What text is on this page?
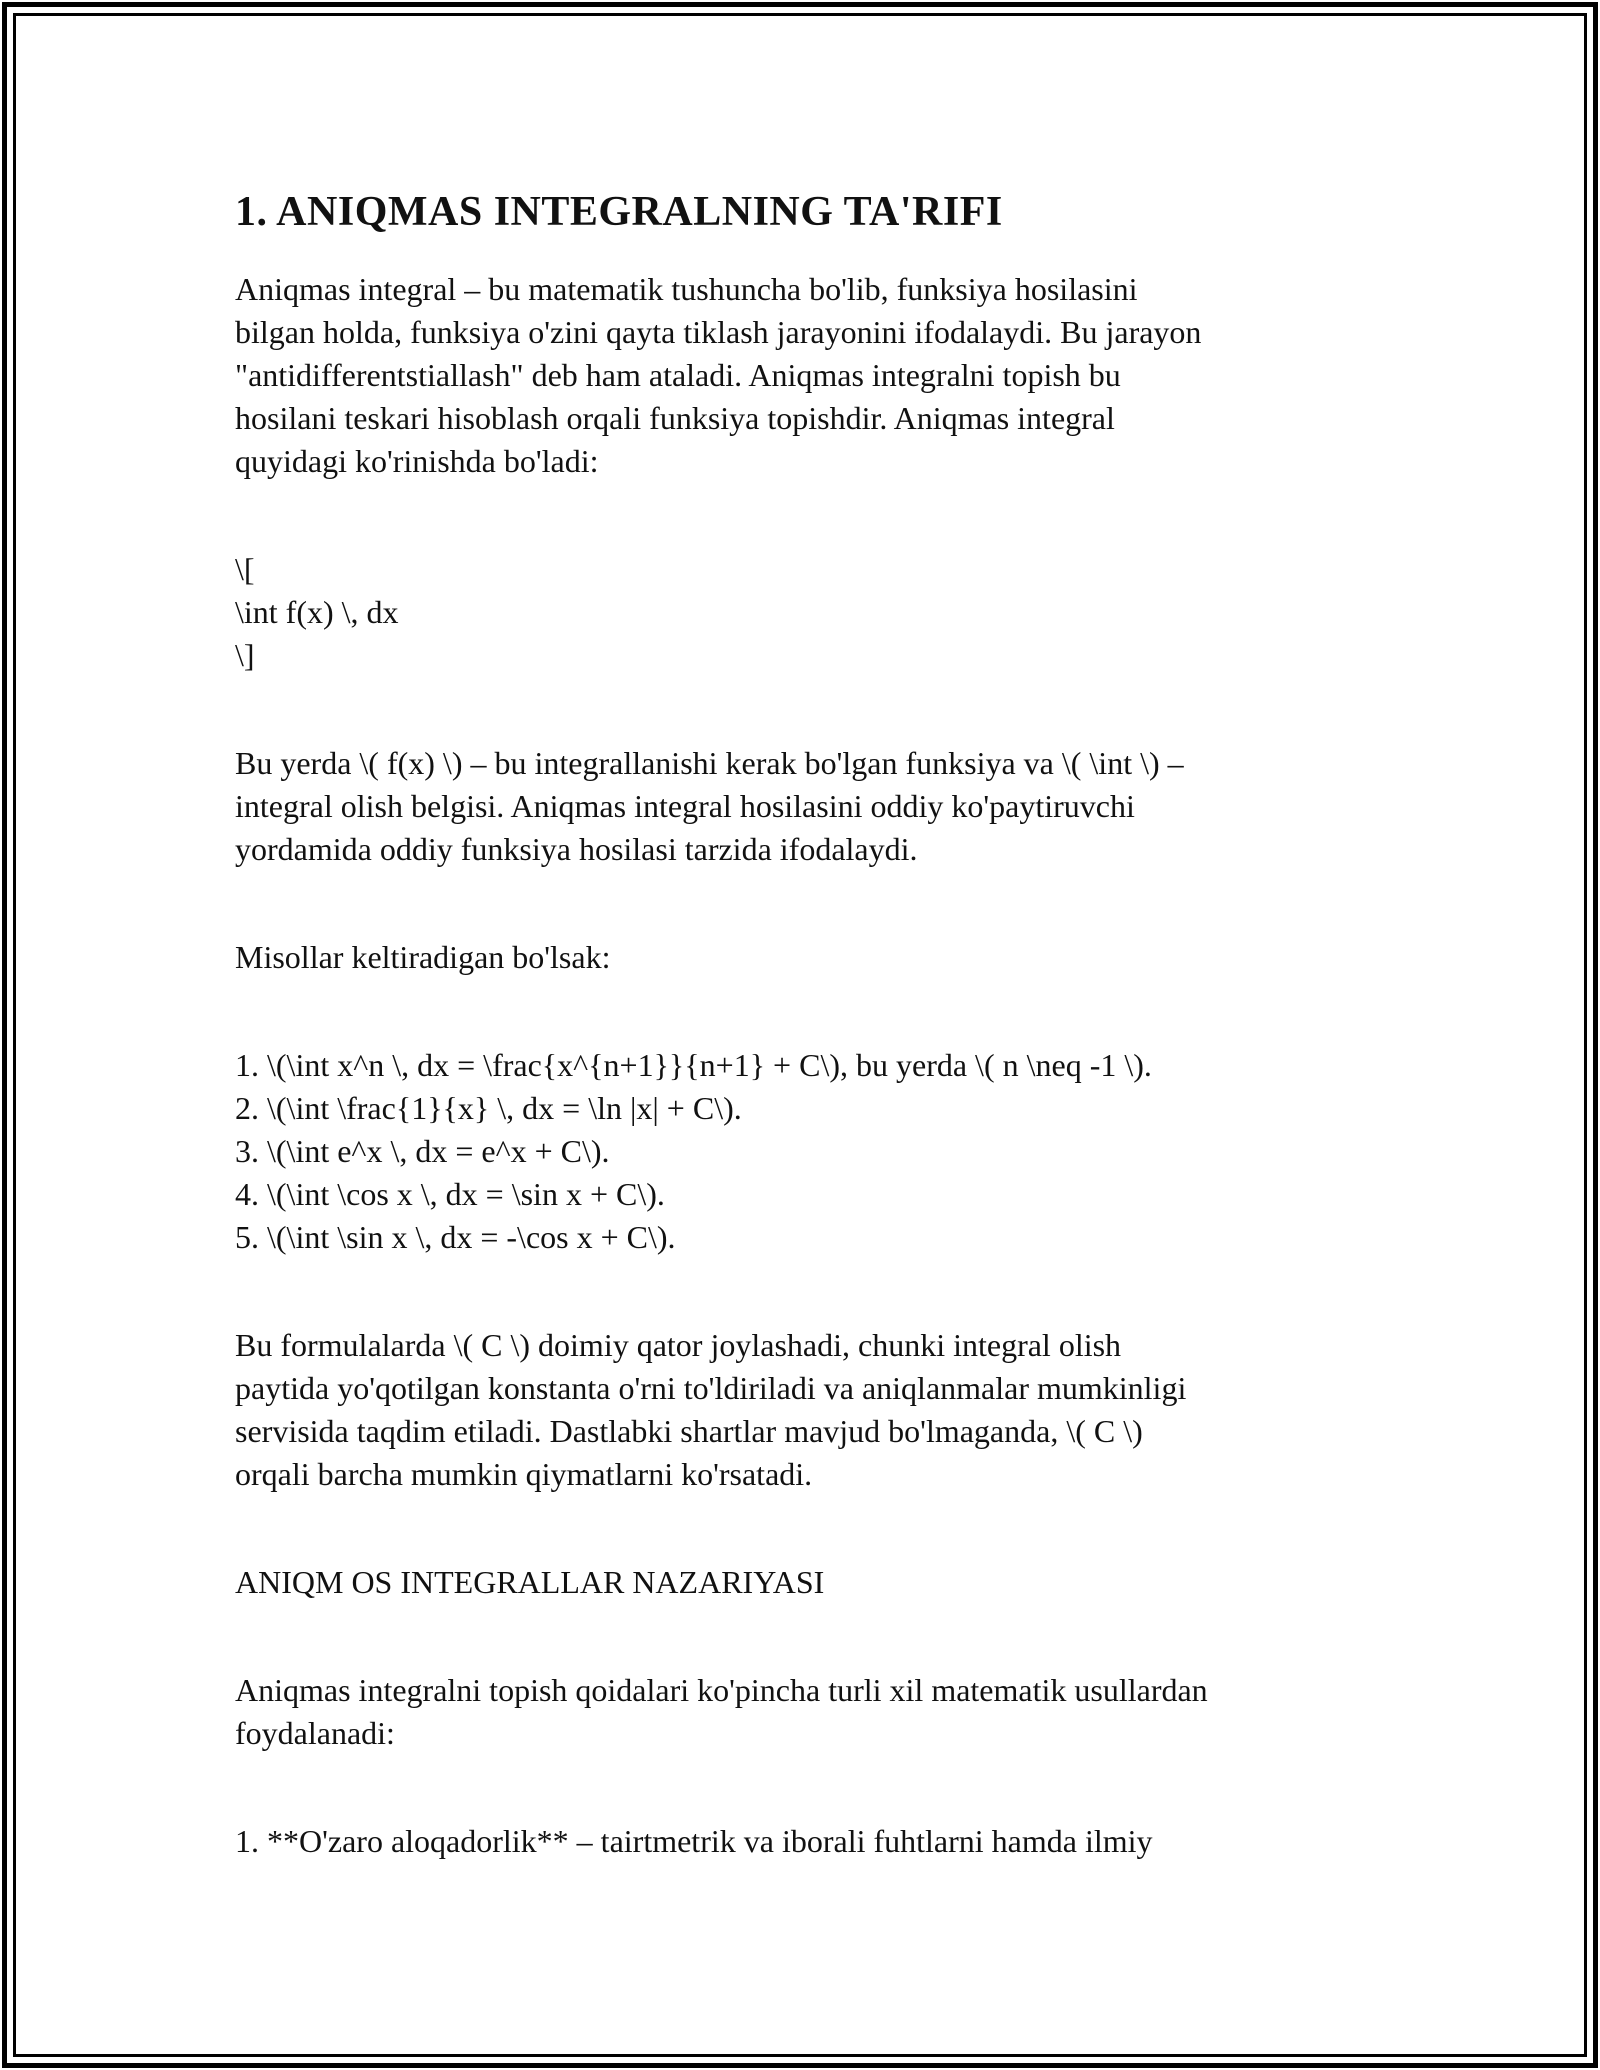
1. ANIQMAS INTEGRALNING TA'RIFI
Aniqmas integral – bu matematik tushuncha bo'lib, funksiya hosilasini
bilgan holda, funksiya o'zini qayta tiklash jarayonini ifodalaydi. Bu jarayon
"antidifferentstiallash" deb ham ataladi. Aniqmas integralni topish bu
hosilani teskari hisoblash orqali funksiya topishdir. Aniqmas integral
quyidagi ko'rinishda bo'ladi:
\[
\int f(x) \, dx
\]
Bu yerda \( f(x) \) – bu integrallanishi kerak bo'lgan funksiya va \( \int \) –
integral olish belgisi. Aniqmas integral hosilasini oddiy ko'paytiruvchi
yordamida oddiy funksiya hosilasi tarzida ifodalaydi.
Misollar keltiradigan bo'lsak:
1. \(\int x^n \, dx = \frac{x^{n+1}}{n+1} + C\), bu yerda \( n \neq -1 \).
2. \(\int \frac{1}{x} \, dx = \ln |x| + C\).
3. \(\int e^x \, dx = e^x + C\).
4. \(\int \cos x \, dx = \sin x + C\).
5. \(\int \sin x \, dx = -\cos x + C\).
Bu formulalarda \( C \) doimiy qator joylashadi, chunki integral olish
paytida yo'qotilgan konstanta o'rni to'ldiriladi va aniqlanmalar mumkinligi
servisida taqdim etiladi. Dastlabki shartlar mavjud bo'lmaganda, \( C \)
orqali barcha mumkin qiymatlarni ko'rsatadi.
ANIQM OS INTEGRALLAR NAZARIYASI
Aniqmas integralni topish qoidalari ko'pincha turli xil matematik usullardan
foydalanadi:
1. **O'zaro aloqadorlik** – tairtmetrik va iborali fuhtlarni hamda ilmiy
